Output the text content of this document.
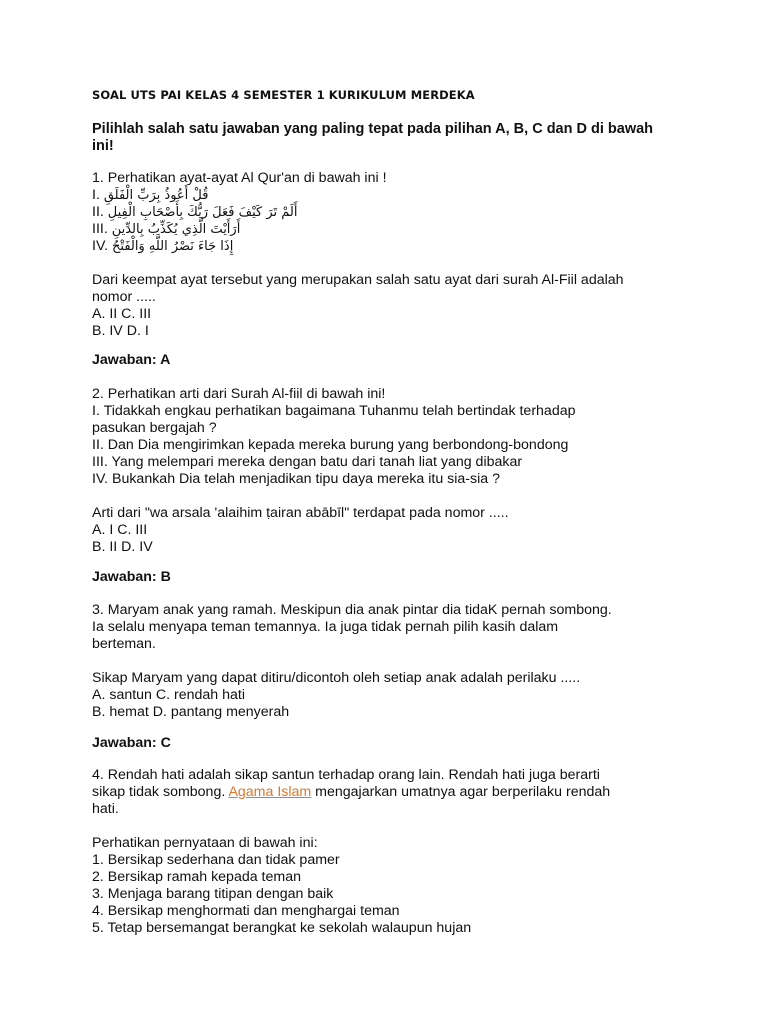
SOAL UTS PAI KELAS 4 SEMESTER 1 KURIKULUM MERDEKA
Pilihlah salah satu jawaban yang paling tepat pada pilihan A, B, C dan D di bawah ini!
1. Perhatikan ayat-ayat Al Qur'an di bawah ini !
I. قُلْ أَعُوذُ بِرَبِّ الْفَلَقِ
II. أَلَمْ تَرَ كَيْفَ فَعَلَ رَبُّكَ بِأَصْحَابِ الْفِيلِ
III. أَرَأَيْتَ الَّذِي يُكَذِّبُ بِالدِّينِ
IV. إِذَا جَاءَ نَصْرُ اللَّهِ وَالْفَتْحُ
Dari keempat ayat tersebut yang merupakan salah satu ayat dari surah Al-Fiil adalah
nomor .....
A. II C. III
B. IV D. I
Jawaban: A
2. Perhatikan arti dari Surah Al-fiil di bawah ini!
I. Tidakkah engkau perhatikan bagaimana Tuhanmu telah bertindak terhadap
pasukan bergajah ?
II. Dan Dia mengirimkan kepada mereka burung yang berbondong-bondong
III. Yang melempari mereka dengan batu dari tanah liat yang dibakar
IV. Bukankah Dia telah menjadikan tipu daya mereka itu sia-sia ?
Arti dari "wa arsala 'alaihim ṭairan abābīl" terdapat pada nomor .....
A. I C. III
B. II D. IV
Jawaban: B
3. Maryam anak yang ramah. Meskipun dia anak pintar dia tidaK pernah sombong.
Ia selalu menyapa teman temannya. Ia juga tidak pernah pilih kasih dalam
berteman.
Sikap Maryam yang dapat ditiru/dicontoh oleh setiap anak adalah perilaku .....
A. santun C. rendah hati
B. hemat D. pantang menyerah
Jawaban: C
4. Rendah hati adalah sikap santun terhadap orang lain. Rendah hati juga berarti
sikap tidak sombong. Agama Islam mengajarkan umatnya agar berperilaku rendah
hati.
Perhatikan pernyataan di bawah ini:
1. Bersikap sederhana dan tidak pamer
2. Bersikap ramah kepada teman
3. Menjaga barang titipan dengan baik
4. Bersikap menghormati dan menghargai teman
5. Tetap bersemangat berangkat ke sekolah walaupun hujan
